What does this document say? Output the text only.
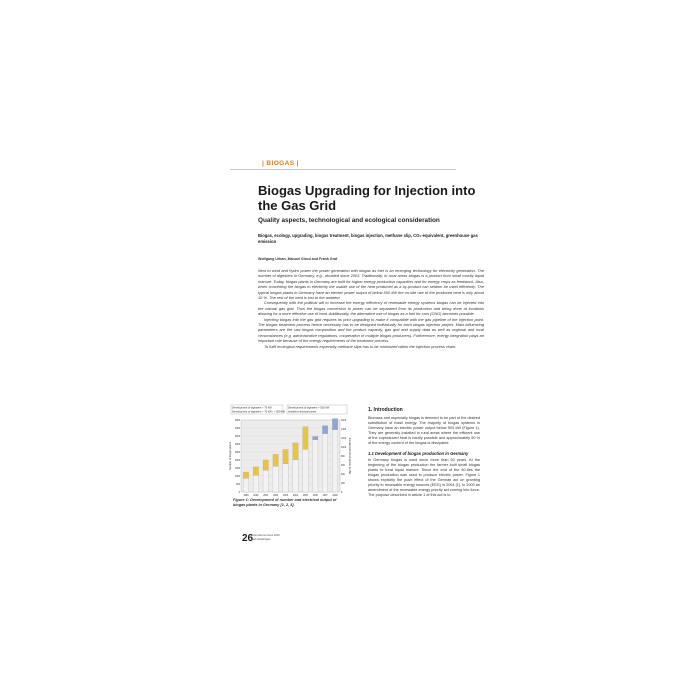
| BIOGAS |
Biogas Upgrading for Injection into the Gas Grid
Quality aspects, technological and ecological consideration
Biogas, ecology, upgrading, biogas treatment, biogas injection, methane slip, CO₂-equivalent, greenhouse gas emission
Wolfgang Urban, Manuel Girod and Frank Graf

Next to wind and hydro power the power generation with biogas as fuel is an emerging technology for electricity generation. The number of digesters in Germany, e.g., doubled since 2003. Traditionally, in rural areas biogas is a product from small mostly liquid manure. Today, biogas plants in Germany are built for higher energy production capacities and for energy crops as feedstock. Also, when converting the biogas to electricity the usable use of the heat produced as a by-product can seldom be used efficiently. The typical biogas plants in Germany have an electric power output of below 500 kW the on-site use of the produced heat is only about 10 %. The rest of the heat is lost to the ambient.

Consequently with the political will to increase the energy efficiency of renewable energy systems biogas can be injected into the natural gas grid. Thus the biogas conversion to power can be separated from its production and being done at locations allowing for a more effective use of heat. Additionally, the alternative use of biogas as a fuel for cars (CNG) becomes possible.

Injecting biogas into the gas grid requires its prior upgrading to make it compatible with the gas pipeline of the injection point. The biogas treatment process hence necessary has to be designed individually for each biogas injection project. Main influencing parameters are the raw biogas composition and the product capacity, gas grid and supply data as well as regional and local circumstances (e.g. administrative regulations, cooperation of multiple biogas producers). Furthermore, energy integration plays an important role because of the energy requirements of the treatment process.

To fulfil ecological requirements especially methane slips has to be minimized within the injection process chain.

Development of digesters < 70 kW
Development of digesters > 70 kW / < 500 kW
Development of digesters > 500 kW
Installed electrical power
0
500
1000
1500
2000
2500
3000
3500
4000
4500
0
200
400
600
800
1000
1200
1400
1600
Number of biogas plants	Installed electrical power in MW
1999	2000	2001	2002	2003	2004	2005	2006	2007	2008
Figure 1: Development of number and electrical output of biogas plants in Germany [1, 2, 3].
1. Introduction

Biomass and especially biogas is deemed to be part of the desired substitution of fossil energy. The majority of biogas systems in Germany have an electric power output below 500 kW (Figure 1). They are generally installed in rural areas where the efficient use of the coproduced heat is hardly possible and approximately 50 % of the energy content of the biogas is dissipated.

1.1 Development of biogas production in Germany

In Germany biogas is used since more than 50 years. At the beginning of the biogas production the farmer built small biogas plants to treat liquid manure. Since the end of the 90-ties the biogas production was used to produce electric power. Figure 1 shows explicitly the push effect of the German act on granting priority to renewable energy sources (EEG) in 2004 [1]. In 2000 an amendment of the renewable energy priority act coming into force. The purpose described in article 1 of this act is to

26
International Issue 2009
gwf-Gas|Erdgas
